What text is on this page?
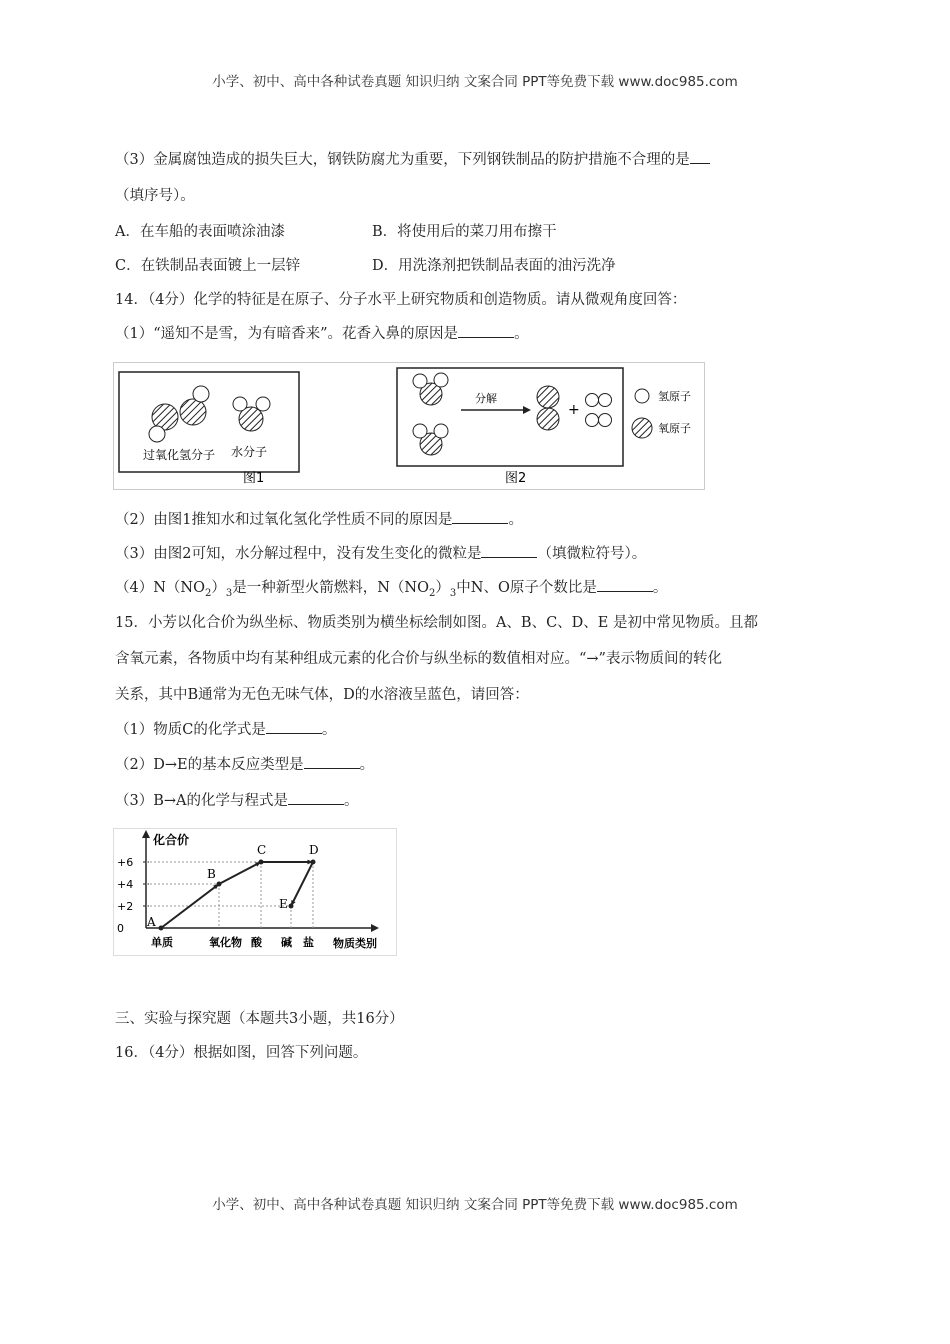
小学、初中、高中各种试卷真题 知识归纳 文案合同 PPT等免费下载 www.doc985.com
（3）金属腐蚀造成的损失巨大，钢铁防腐尤为重要，下列钢铁制品的防护措施不合理的是
（填序号）。
A．在车船的表面喷涂油漆	B．将使用后的菜刀用布擦干
C．在铁制品表面镀上一层锌	D．用洗涤剂把铁制品表面的油污洗净
14．（4分）化学的特征是在原子、分子水平上研究物质和创造物质。请从微观角度回答：
（1）“遥知不是雪，为有暗香来”。花香入鼻的原因是	。
过氧化氢分子 水分子
图1
分解
+
图2
氢原子
氧原子
（2）由图1推知水和过氧化氢化学性质不同的原因是	。
（3）由图2可知，水分解过程中，没有发生变化的微粒是	（填微粒符号）。
$(4)N(NO_2)_3$是一种新型火箭燃料，$N(NO_2)_3$中N、O原子个数比是	。
15．小芳以化合价为纵坐标、物质类别为横坐标绘制如图。A、B、C、D、E 是初中常见物质。且都
含氧元素，各物质中均有某种组成元素的化合价与纵坐标的数值相对应。“→”表示物质间的转化
关系，其中B通常为无色无味气体，D的水溶液呈蓝色，请回答：
（1）物质C的化学式是	。
（2）D→E的基本反应类型是	。
（3）B→A的化学与程式是	。
化合价
物质类别
+6
+4
+2
0
单质	氧化物 酸 碱 盐
A
B
C	D
E
三、实验与探究题（本题共3小题，共16分）
16．（4分）根据如图，回答下列问题。
小学、初中、高中各种试卷真题 知识归纳 文案合同 PPT等免费下载 www.doc985.com
